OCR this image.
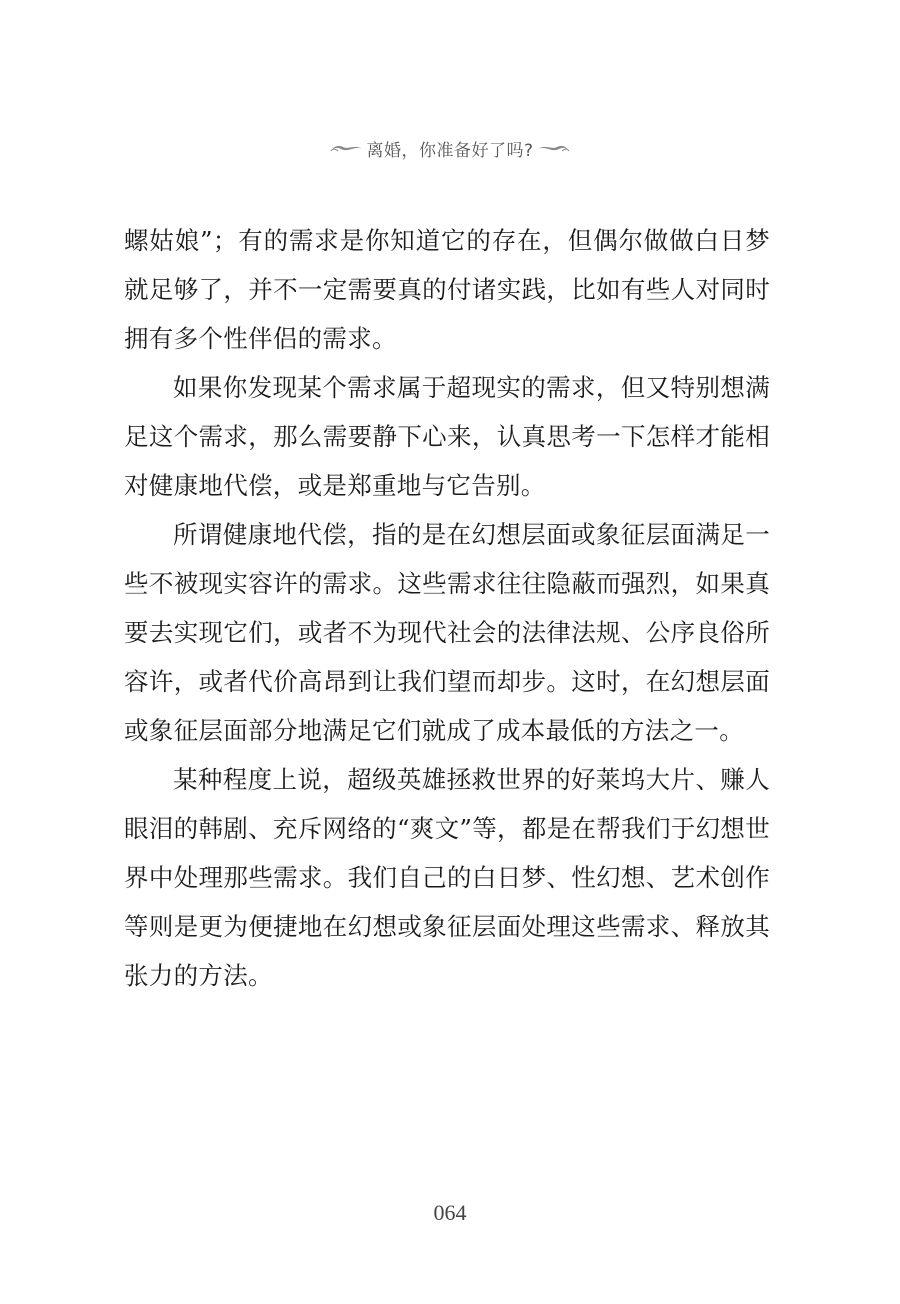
离婚，你准备好了吗?

螺姑娘”；有的需求是你知道它的存在，但偶尔做做白日梦就足够了，并不一定需要真的付诸实践，比如有些人对同时拥有多个性伴侣的需求。

如果你发现某个需求属于超现实的需求，但又特别想满足这个需求，那么需要静下心来，认真思考一下怎样才能相对健康地代偿，或是郑重地与它告别。

所谓健康地代偿，指的是在幻想层面或象征层面满足一些不被现实容许的需求。这些需求往往隐蔽而强烈，如果真要去实现它们，或者不为现代社会的法律法规、公序良俗所容许，或者代价高昂到让我们望而却步。这时，在幻想层面或象征层面部分地满足它们就成了成本最低的方法之一。

某种程度上说，超级英雄拯救世界的好莱坞大片、赚人眼泪的韩剧、充斥网络的“爽文”等，都是在帮我们于幻想世界中处理那些需求。我们自己的白日梦、性幻想、艺术创作等则是更为便捷地在幻想或象征层面处理这些需求、释放其张力的方法。

064
